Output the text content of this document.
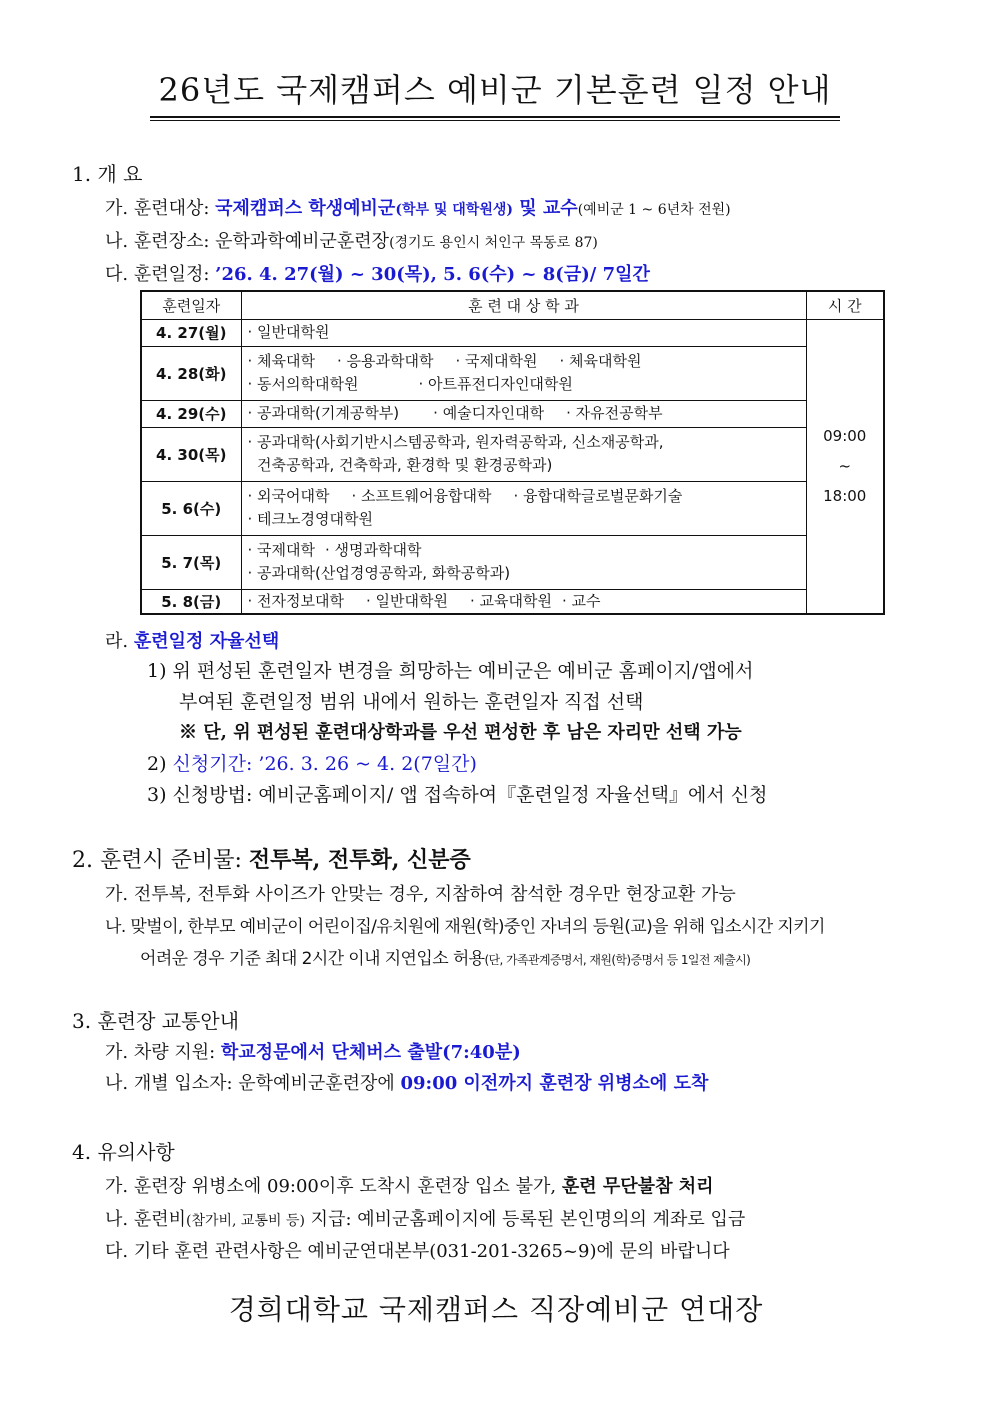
26년도 국제캠퍼스 예비군 기본훈련 일정 안내
1. 개 요
가. 훈련대상: 국제캠퍼스 학생예비군(학부 및 대학원생) 및 교수(예비군 1 ~ 6년차 전원)
나. 훈련장소: 운학과학예비군훈련장(경기도 용인시 처인구 목동로 87)
다. 훈련일정: ’26. 4. 27(월) ~ 30(목), 5. 6(수) ~ 8(금)/ 7일간
훈련일자	훈 련 대 상 학 과	시 간
4. 27(월)	· 일반대학원	09:00
~
18:00

4. 28(화)	· 체육대학 · 응용과학대학 · 국제대학원 · 체육대학원
· 동서의학대학원 · 아트퓨전디자인대학원	

4. 29(수)	· 공과대학(기계공학부) · 예술디자인대학 · 자유전공학부	

4. 30(목)	· 공과대학(사회기반시스템공학과, 원자력공학과, 신소재공학과,
건축공학과, 건축학과, 환경학 및 환경공학과)	

5. 6(수)	· 외국어대학 · 소프트웨어융합대학 · 융합대학글로벌문화기술
· 테크노경영대학원	

5. 7(목)	· 국제대학 · 생명과학대학
· 공과대학(산업경영공학과, 화학공학과)	

5. 8(금)	· 전자정보대학 · 일반대학원 · 교육대학원 · 교수	
라. 훈련일정 자율선택
1) 위 편성된 훈련일자 변경을 희망하는 예비군은 예비군 홈페이지/앱에서
부여된 훈련일정 범위 내에서 원하는 훈련일자 직접 선택
※ 단, 위 편성된 훈련대상학과를 우선 편성한 후 남은 자리만 선택 가능
2) 신청기간: ’26. 3. 26 ~ 4. 2(7일간)
3) 신청방법: 예비군홈페이지/ 앱 접속하여『훈련일정 자율선택』에서 신청
2. 훈련시 준비물: 전투복, 전투화, 신분증
가. 전투복, 전투화 사이즈가 안맞는 경우, 지참하여 참석한 경우만 현장교환 가능
나. 맞벌이, 한부모 예비군이 어린이집/유치원에 재원(학)중인 자녀의 등원(교)을 위해 입소시간 지키기
어려운 경우 기준 최대 2시간 이내 지연입소 허용(단, 가족관계증명서, 재원(학)증명서 등 1일전 제출시)
3. 훈련장 교통안내
가. 차량 지원: 학교정문에서 단체버스 출발(7:40분)
나. 개별 입소자: 운학예비군훈련장에 09:00 이전까지 훈련장 위병소에 도착
4. 유의사항
가. 훈련장 위병소에 09:00이후 도착시 훈련장 입소 불가, 훈련 무단불참 처리
나. 훈련비(참가비, 교통비 등) 지급: 예비군홈페이지에 등록된 본인명의의 계좌로 입금
다. 기타 훈련 관련사항은 예비군연대본부(031-201-3265~9)에 문의 바랍니다
경희대학교 국제캠퍼스 직장예비군 연대장
